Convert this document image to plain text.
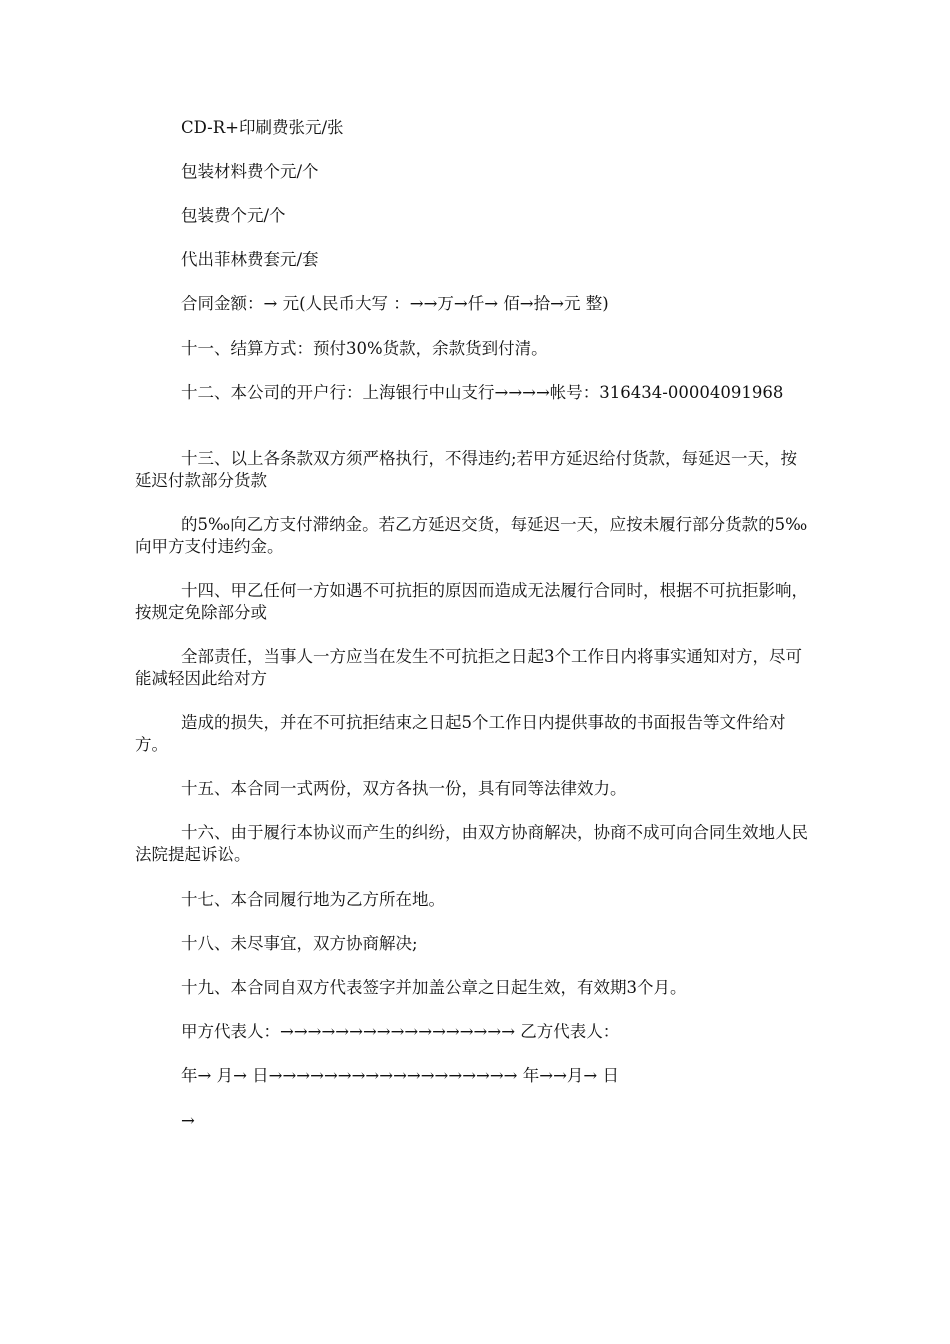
CD-R+印刷费张元/张

包装材料费个元/个

包装费个元/个

代出菲林费套元/套

合同金额：→ 元(人民币大写 ：→→万→仟→ 佰→拾→元 整)

十一、结算方式：预付30%货款，余款货到付清。

十二、本公司的开户行：上海银行中山支行→→→→帐号：316434-00004091968

十三、以上各条款双方须严格执行，不得违约;若甲方延迟给付货款，每延迟一天，按延迟付款部分货款

的5‰向乙方支付滞纳金。若乙方延迟交货，每延迟一天，应按未履行部分货款的5‰向甲方支付违约金。

十四、甲乙任何一方如遇不可抗拒的原因而造成无法履行合同时，根据不可抗拒影响，按规定免除部分或

全部责任，当事人一方应当在发生不可抗拒之日起3个工作日内将事实通知对方，尽可能减轻因此给对方

造成的损失，并在不可抗拒结束之日起5个工作日内提供事故的书面报告等文件给对方。

十五、本合同一式两份，双方各执一份，具有同等法律效力。

十六、由于履行本协议而产生的纠纷，由双方协商解决，协商不成可向合同生效地人民法院提起诉讼。

十七、本合同履行地为乙方所在地。

十八、未尽事宜，双方协商解决;

十九、本合同自双方代表签字并加盖公章之日起生效，有效期3个月。

甲方代表人：→→→→→→→→→→→→→→→→→ 乙方代表人：

年→ 月→ 日→→→→→→→→→→→→→→→→→→ 年→→月→ 日

→
